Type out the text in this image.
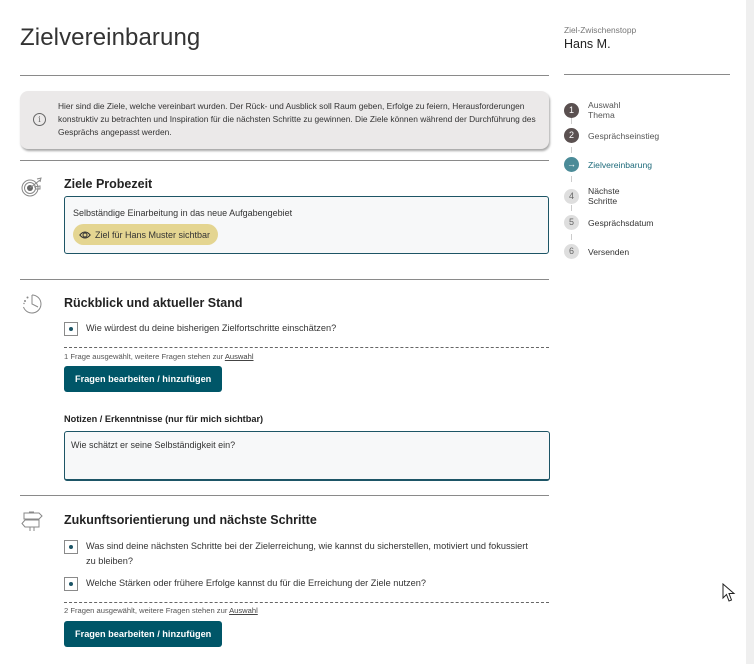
Zielvereinbarung
i
Hier sind die Ziele, welche vereinbart wurden. Der Rück- und Ausblick soll Raum geben, Erfolge zu feiern, Herausforderungen konstruktiv zu betrachten und Inspiration für die nächsten Schritte zu gewinnen. Die Ziele können während der Durchführung des Gesprächs angepasst werden.
Ziele Probezeit
Selbständige Einarbeitung in das neue Aufgabengebiet
Ziel für Hans Muster sichtbar
Rückblick und aktueller Stand
Wie würdest du deine bisherigen Zielfortschritte einschätzen?
1 Frage ausgewählt, weitere Fragen stehen zur Auswahl
Fragen bearbeiten / hinzufügen
Notizen / Erkenntnisse (nur für mich sichtbar)
Wie schätzt er seine Selbständigkeit ein?
Zukunftsorientierung und nächste Schritte
Was sind deine nächsten Schritte bei der Zielerreichung, wie kannst du sicherstellen, motiviert und fokussiert zu bleiben?
Welche Stärken oder frühere Erfolge kannst du für die Erreichung der Ziele nutzen?
2 Fragen ausgewählt, weitere Fragen stehen zur Auswahl
Fragen bearbeiten / hinzufügen
Ziel-Zwischenstopp
Hans M.
1	Auswahl Thema
2	Gesprächseinstieg
→	Zielvereinbarung
4	Nächste Schritte
5	Gesprächsdatum
6	Versenden
